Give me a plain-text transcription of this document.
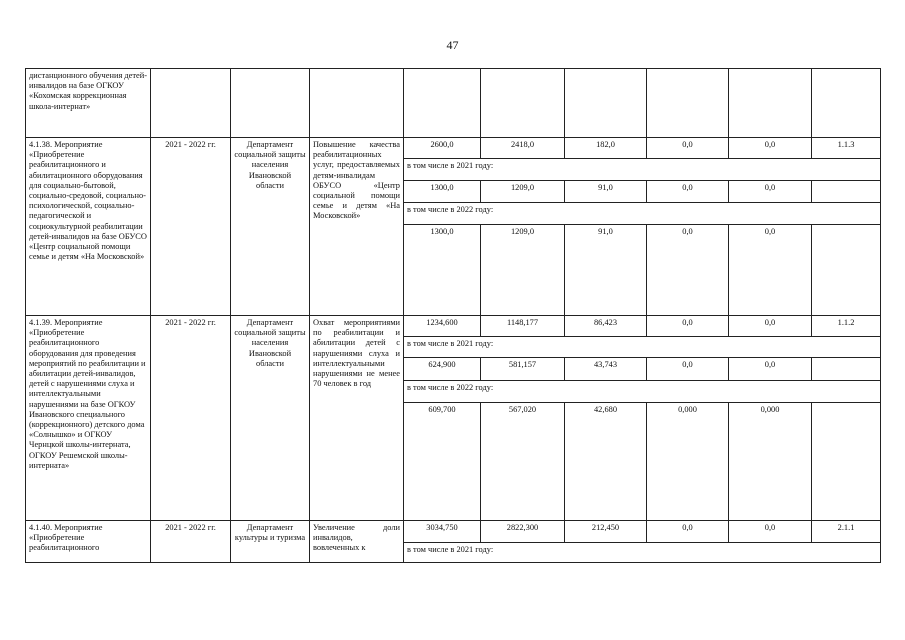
47
дистанционного обучения детей-инвалидов на базе ОГКОУ «Кохомская коррекционная школа-интернат»									
4.1.38. Мероприятие «Приобретение реабилитационного и абилитационного оборудования для социально-бытовой, социально-средовой, социально-психологической, социально-педагогической и социокультурной реабилитации детей-инвалидов на базе ОБУСО «Центр социальной помощи семье и детям «На Московской»	2021 - 2022 гг.	Департамент социальной защиты населения Ивановской области	Повышение качества реабилитационных услуг, предоставляемых детям-инвалидам ОБУСО «Центр социальной помощи семье и детям «На Московской»	2600,0	2418,0	182,0	0,0	0,0	1.1.3
				в том числе в 2021 году:					
				1300,0	1209,0	91,0	0,0	0,0	
				в том числе в 2022 году:					
				1300,0	1209,0	91,0	0,0	0,0	
4.1.39. Мероприятие «Приобретение реабилитационного оборудования для проведения мероприятий по реабилитации и абилитации детей-инвалидов, детей с нарушениями слуха и интеллектуальными нарушениями на базе ОГКОУ Ивановского специального (коррекционного) детского дома «Солнышко» и ОГКОУ Чернцкой школы-интерната, ОГКОУ Решемской школы-интерната»	2021 - 2022 гг.	Департамент социальной защиты населения Ивановской области	Охват мероприятиями по реабилитации и абилитации детей с нарушениями слуха и интеллектуальными нарушениями не менее 70 человек в год	1234,600	1148,177	86,423	0,0	0,0	1.1.2
				в том числе в 2021 году:					
				624,900	581,157	43,743	0,0	0,0	
				в том числе в 2022 году:					
				609,700	567,020	42,680	0,000	0,000	
4.1.40. Мероприятие «Приобретение реабилитационного	2021 - 2022 гг.	Департамент культуры и туризма	Увеличение доли инвалидов, вовлеченных к	3034,750	2822,300	212,450	0,0	0,0	2.1.1
				в том числе в 2021 году:					
